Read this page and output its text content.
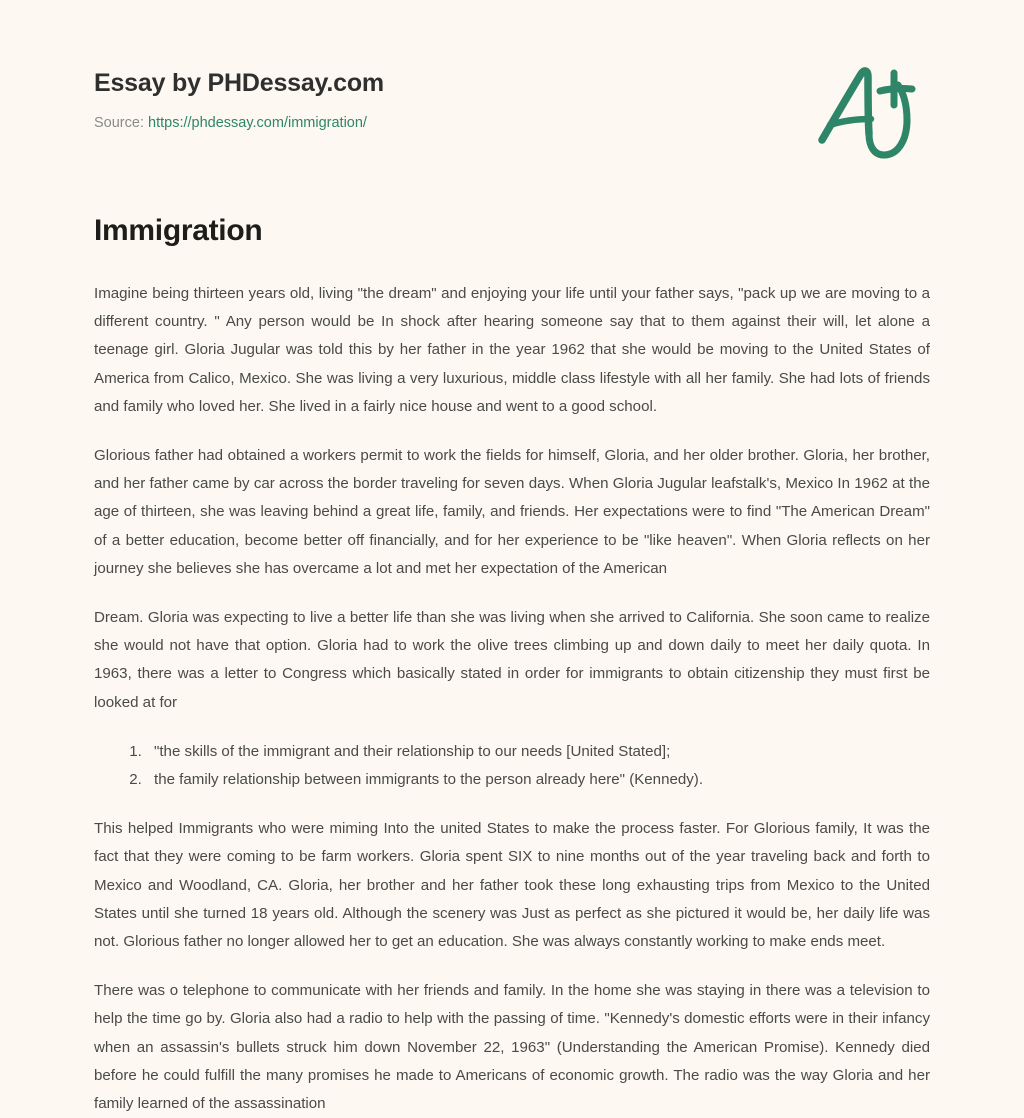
Essay by PHDessay.com
Source: https://phdessay.com/immigration/
Immigration

Imagine being thirteen years old, living "the dream" and enjoying your life until your father says, "pack up we are moving to a different country. " Any person would be In shock after hearing someone say that to them against their will, let alone a teenage girl. Gloria Jugular was told this by her father in the year 1962 that she would be moving to the United States of America from Calico, Mexico. She was living a very luxurious, middle class lifestyle with all her family. She had lots of friends and family who loved her. She lived in a fairly nice house and went to a good school.

Glorious father had obtained a workers permit to work the fields for himself, Gloria, and her older brother. Gloria, her brother, and her father came by car across the border traveling for seven days. When Gloria Jugular leafstalk's, Mexico In 1962 at the age of thirteen, she was leaving behind a great life, family, and friends. Her expectations were to find "The American Dream" of a better education, become better off financially, and for her experience to be "like heaven". When Gloria reflects on her journey she believes she has overcame a lot and met her expectation of the American

Dream. Gloria was expecting to live a better life than she was living when she arrived to California. She soon came to realize she would not have that option. Gloria had to work the olive trees climbing up and down daily to meet her daily quota. In 1963, there was a letter to Congress which basically stated in order for immigrants to obtain citizenship they must first be looked at for

1. "the skills of the immigrant and their relationship to our needs [United Stated];
2. the family relationship between immigrants to the person already here" (Kennedy).

This helped Immigrants who were miming Into the united States to make the process faster. For Glorious family, It was the fact that they were coming to be farm workers. Gloria spent SIX to nine months out of the year traveling back and forth to Mexico and Woodland, CA. Gloria, her brother and her father took these long exhausting trips from Mexico to the United States until she turned 18 years old. Although the scenery was Just as perfect as she pictured it would be, her daily life was not. Glorious father no longer allowed her to get an education. She was always constantly working to make ends meet.

There was o telephone to communicate with her friends and family. In the home she was staying in there was a television to help the time go by. Gloria also had a radio to help with the passing of time. "Kennedy's domestic efforts were in their infancy when an assassin's bullets struck him down November 22, 1963" (Understanding the American Promise). Kennedy died before he could fulfill the many promises he made to Americans of economic growth. The radio was the way Gloria and her family learned of the assassination
